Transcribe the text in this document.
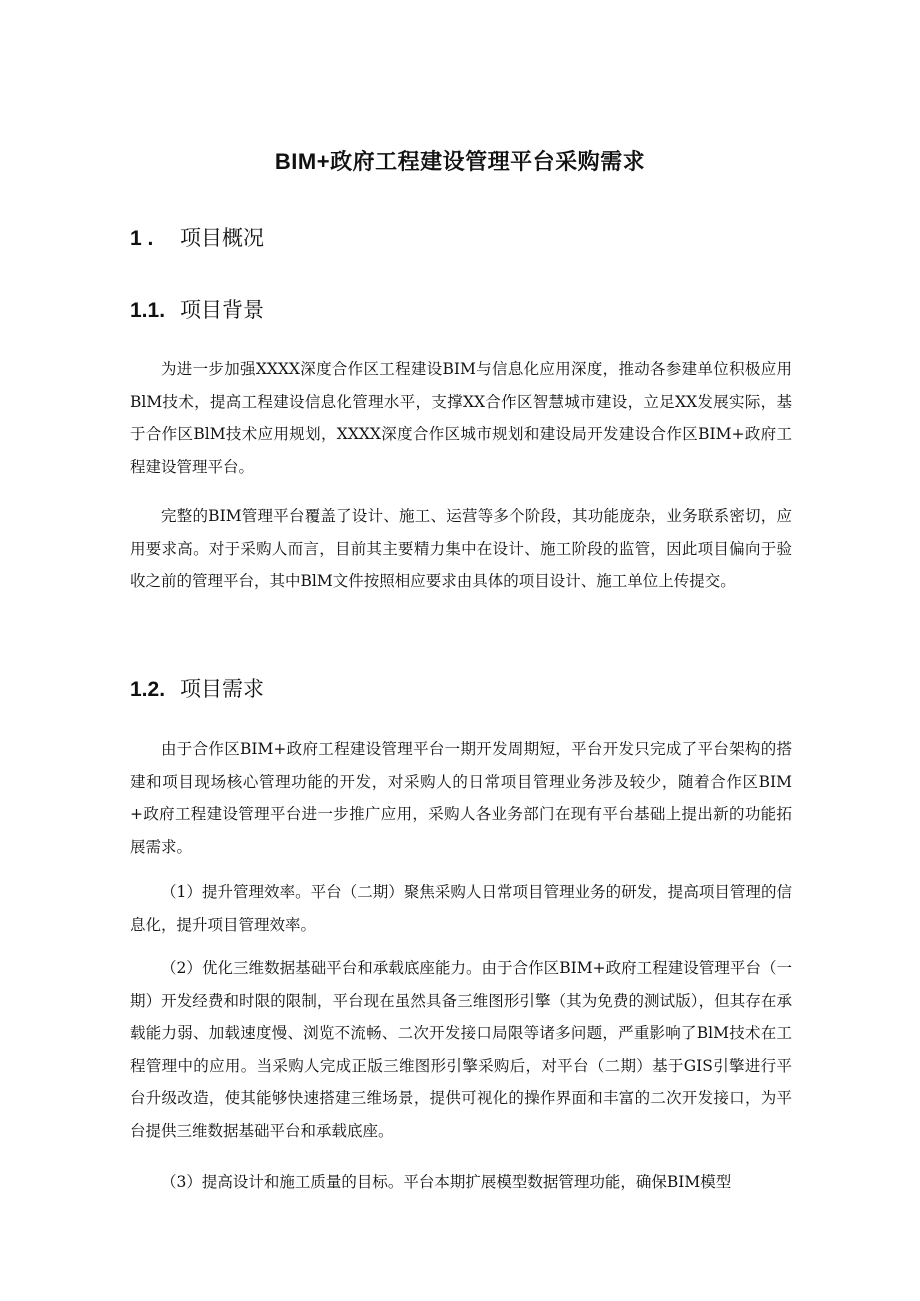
BIM+政府工程建设管理平台采购需求
1 . 项目概况
1.1. 项目背景

为进一步加强XXXX深度合作区工程建设BIM与信息化应用深度，推动各参建单位积极应用BlM技术，提高工程建设信息化管理水平，支撑XX合作区智慧城市建设，立足XX发展实际，基于合作区BlM技术应用规划，XXXX深度合作区城市规划和建设局开发建设合作区BIM+政府工程建设管理平台。

完整的BIM管理平台覆盖了设计、施工、运营等多个阶段，其功能庞杂，业务联系密切，应用要求高。对于采购人而言，目前其主要精力集中在设计、施工阶段的监管，因此项目偏向于验收之前的管理平台，其中BlM文件按照相应要求由具体的项目设计、施工单位上传提交。

1.2. 项目需求

由于合作区BIM+政府工程建设管理平台一期开发周期短，平台开发只完成了平台架构的搭建和项目现场核心管理功能的开发，对采购人的日常项目管理业务涉及较少，随着合作区BIM+政府工程建设管理平台进一步推广应用，采购人各业务部门在现有平台基础上提出新的功能拓展需求。

（1）提升管理效率。平台（二期）聚焦采购人日常项目管理业务的研发，提高项目管理的信息化，提升项目管理效率。

（2）优化三维数据基础平台和承载底座能力。由于合作区BIM+政府工程建设管理平台（一期）开发经费和时限的限制，平台现在虽然具备三维图形引擎（其为免费的测试版），但其存在承载能力弱、加载速度慢、浏览不流畅、二次开发接口局限等诸多问题，严重影响了BlM技术在工程管理中的应用。当采购人完成正版三维图形引擎采购后，对平台（二期）基于GIS引擎进行平台升级改造，使其能够快速搭建三维场景，提供可视化的操作界面和丰富的二次开发接口，为平台提供三维数据基础平台和承载底座。

（3）提高设计和施工质量的目标。平台本期扩展模型数据管理功能，确保BIM模型
